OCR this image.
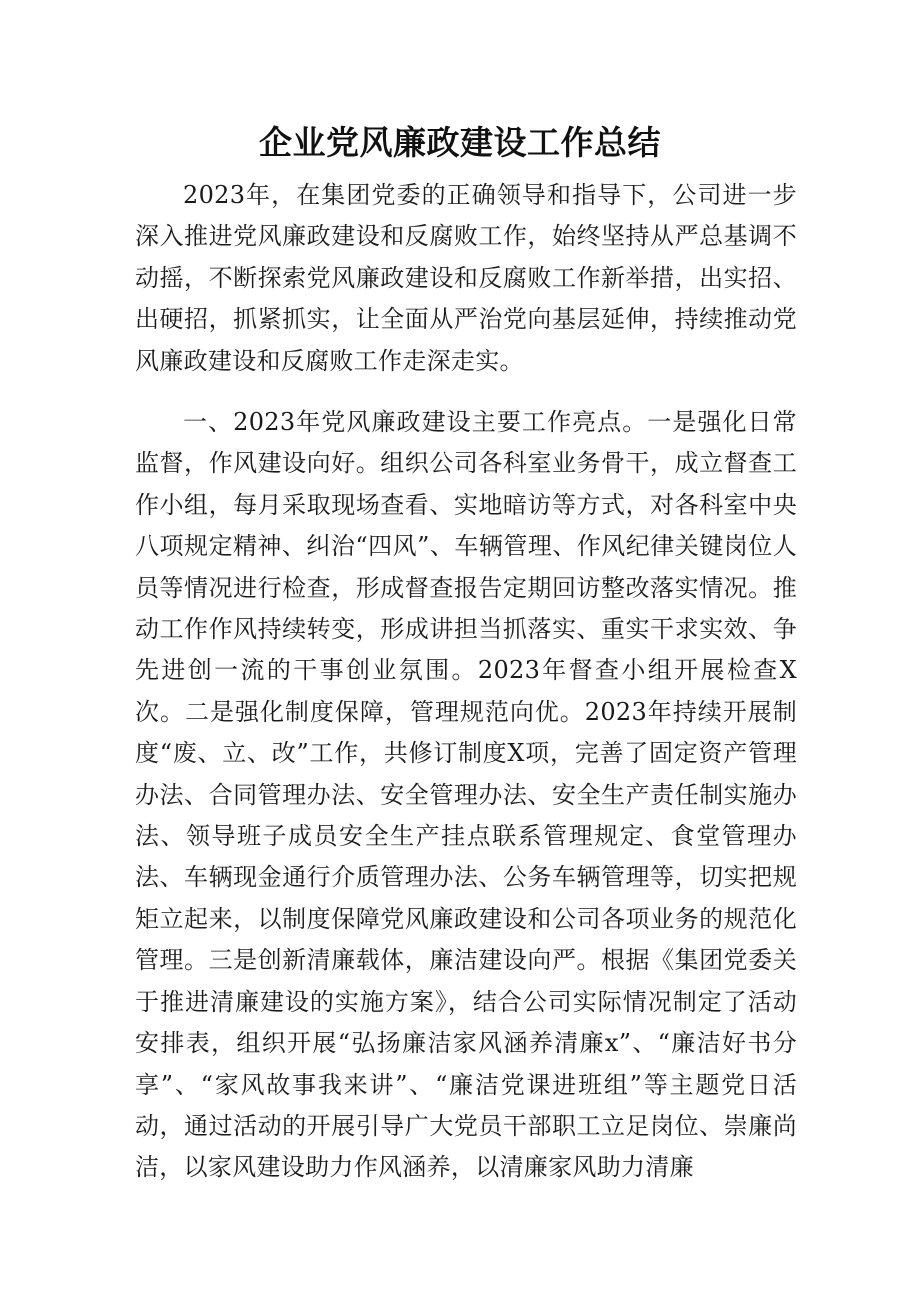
企业党风廉政建设工作总结

2023年，在集团党委的正确领导和指导下，公司进一步深入推进党风廉政建设和反腐败工作，始终坚持从严总基调不动摇，不断探索党风廉政建设和反腐败工作新举措，出实招、出硬招，抓紧抓实，让全面从严治党向基层延伸，持续推动党风廉政建设和反腐败工作走深走实。

一、2023年党风廉政建设主要工作亮点。一是强化日常监督，作风建设向好。组织公司各科室业务骨干，成立督查工作小组，每月采取现场查看、实地暗访等方式，对各科室中央八项规定精神、纠治“四风”、车辆管理、作风纪律关键岗位人员等情况进行检查，形成督查报告定期回访整改落实情况。推动工作作风持续转变，形成讲担当抓落实、重实干求实效、争先进创一流的干事创业氛围。2023年督查小组开展检查X次。二是强化制度保障，管理规范向优。2023年持续开展制度“废、立、改”工作，共修订制度X项，完善了固定资产管理办法、合同管理办法、安全管理办法、安全生产责任制实施办法、领导班子成员安全生产挂点联系管理规定、食堂管理办法、车辆现金通行介质管理办法、公务车辆管理等，切实把规矩立起来，以制度保障党风廉政建设和公司各项业务的规范化管理。三是创新清廉载体，廉洁建设向严。根据《集团党委关于推进清廉建设的实施方案》，结合公司实际情况制定了活动安排表，组织开展“弘扬廉洁家风涵养清廉x”、“廉洁好书分享”、“家风故事我来讲”、“廉洁党课进班组”等主题党日活动，通过活动的开展引导广大党员干部职工立足岗位、崇廉尚洁，以家风建设助力作风涵养，以清廉家风助力清廉
